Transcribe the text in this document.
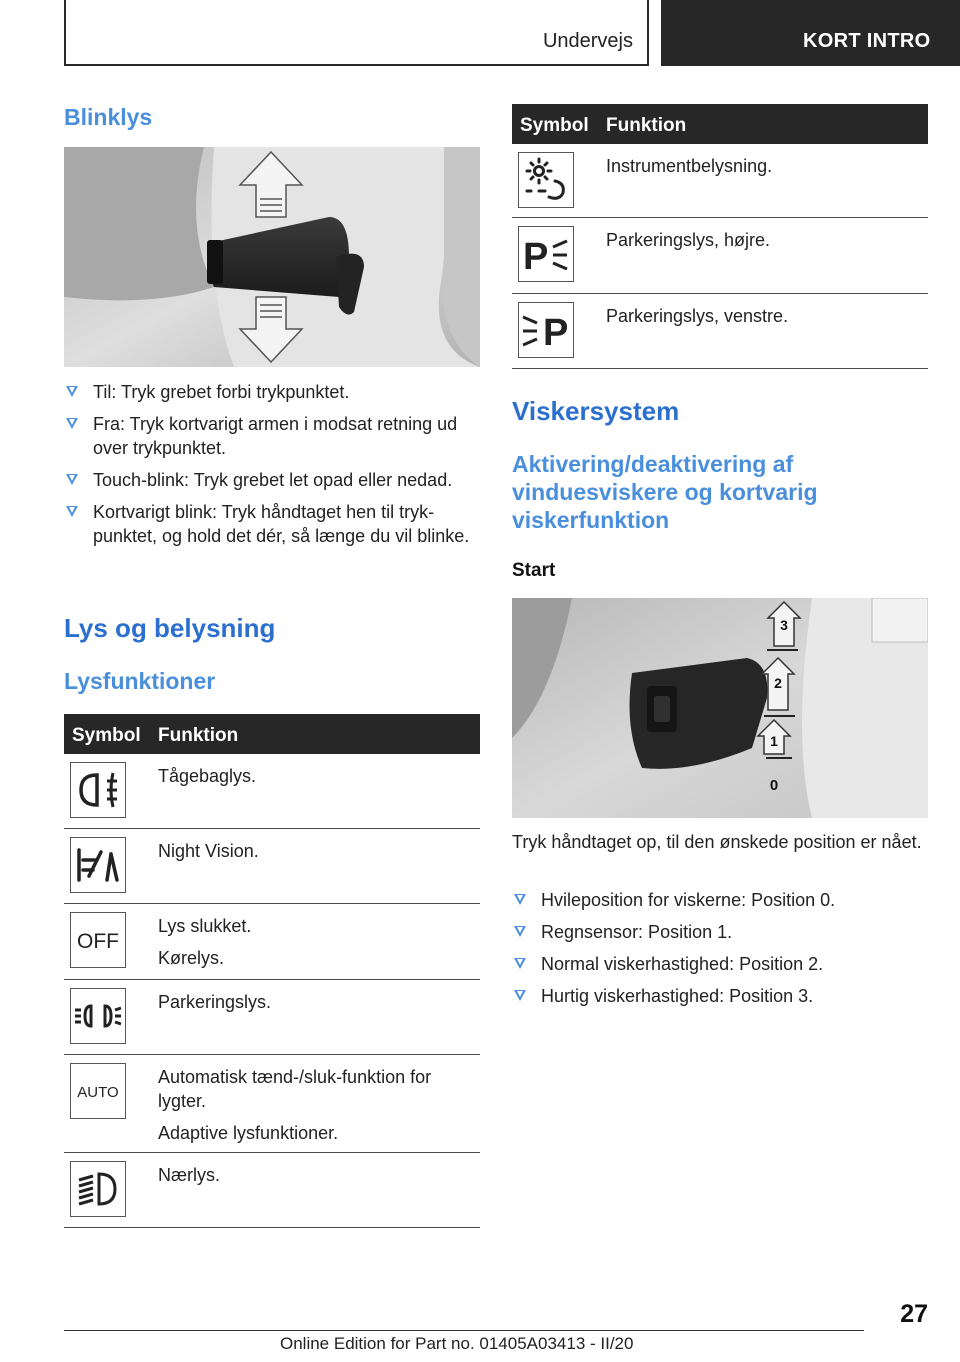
Undervejs	KORT INTRO
Blinklys
Til: Tryk grebet forbi trykpunktet.
Fra: Tryk kortvarigt armen i modsat retning ud over trykpunktet.
Touch-blink: Tryk grebet let opad eller nedad.
Kortvarigt blink: Tryk håndtaget hen til tryk-punktet, og hold det dér, så længe du vil blinke.
Lys og belysning
Lysfunktioner
Symbol Funktion

Tågebaglys.

Night Vision.

OFF

Lys slukket.

Kørelys.

Parkeringslys.

AUTO

Automatisk tænd-/sluk-funktion for lygter.

Adaptive lysfunktioner.

Nærlys.

Symbol Funktion

Instrumentbelysning.

P	Parkeringslys, højre.

P Parkeringslys, venstre.

Viskersystem
Aktivering/deaktivering af vinduesviskere og kortvarig viskerfunktion
Start
3
2
1
0
Tryk håndtaget op, til den ønskede position er nået.
Hvileposition for viskerne: Position 0.
Regnsensor: Position 1.
Normal viskerhastighed: Position 2.
Hurtig viskerhastighed: Position 3.
27
Online Edition for Part no. 01405A03413 - II/20
